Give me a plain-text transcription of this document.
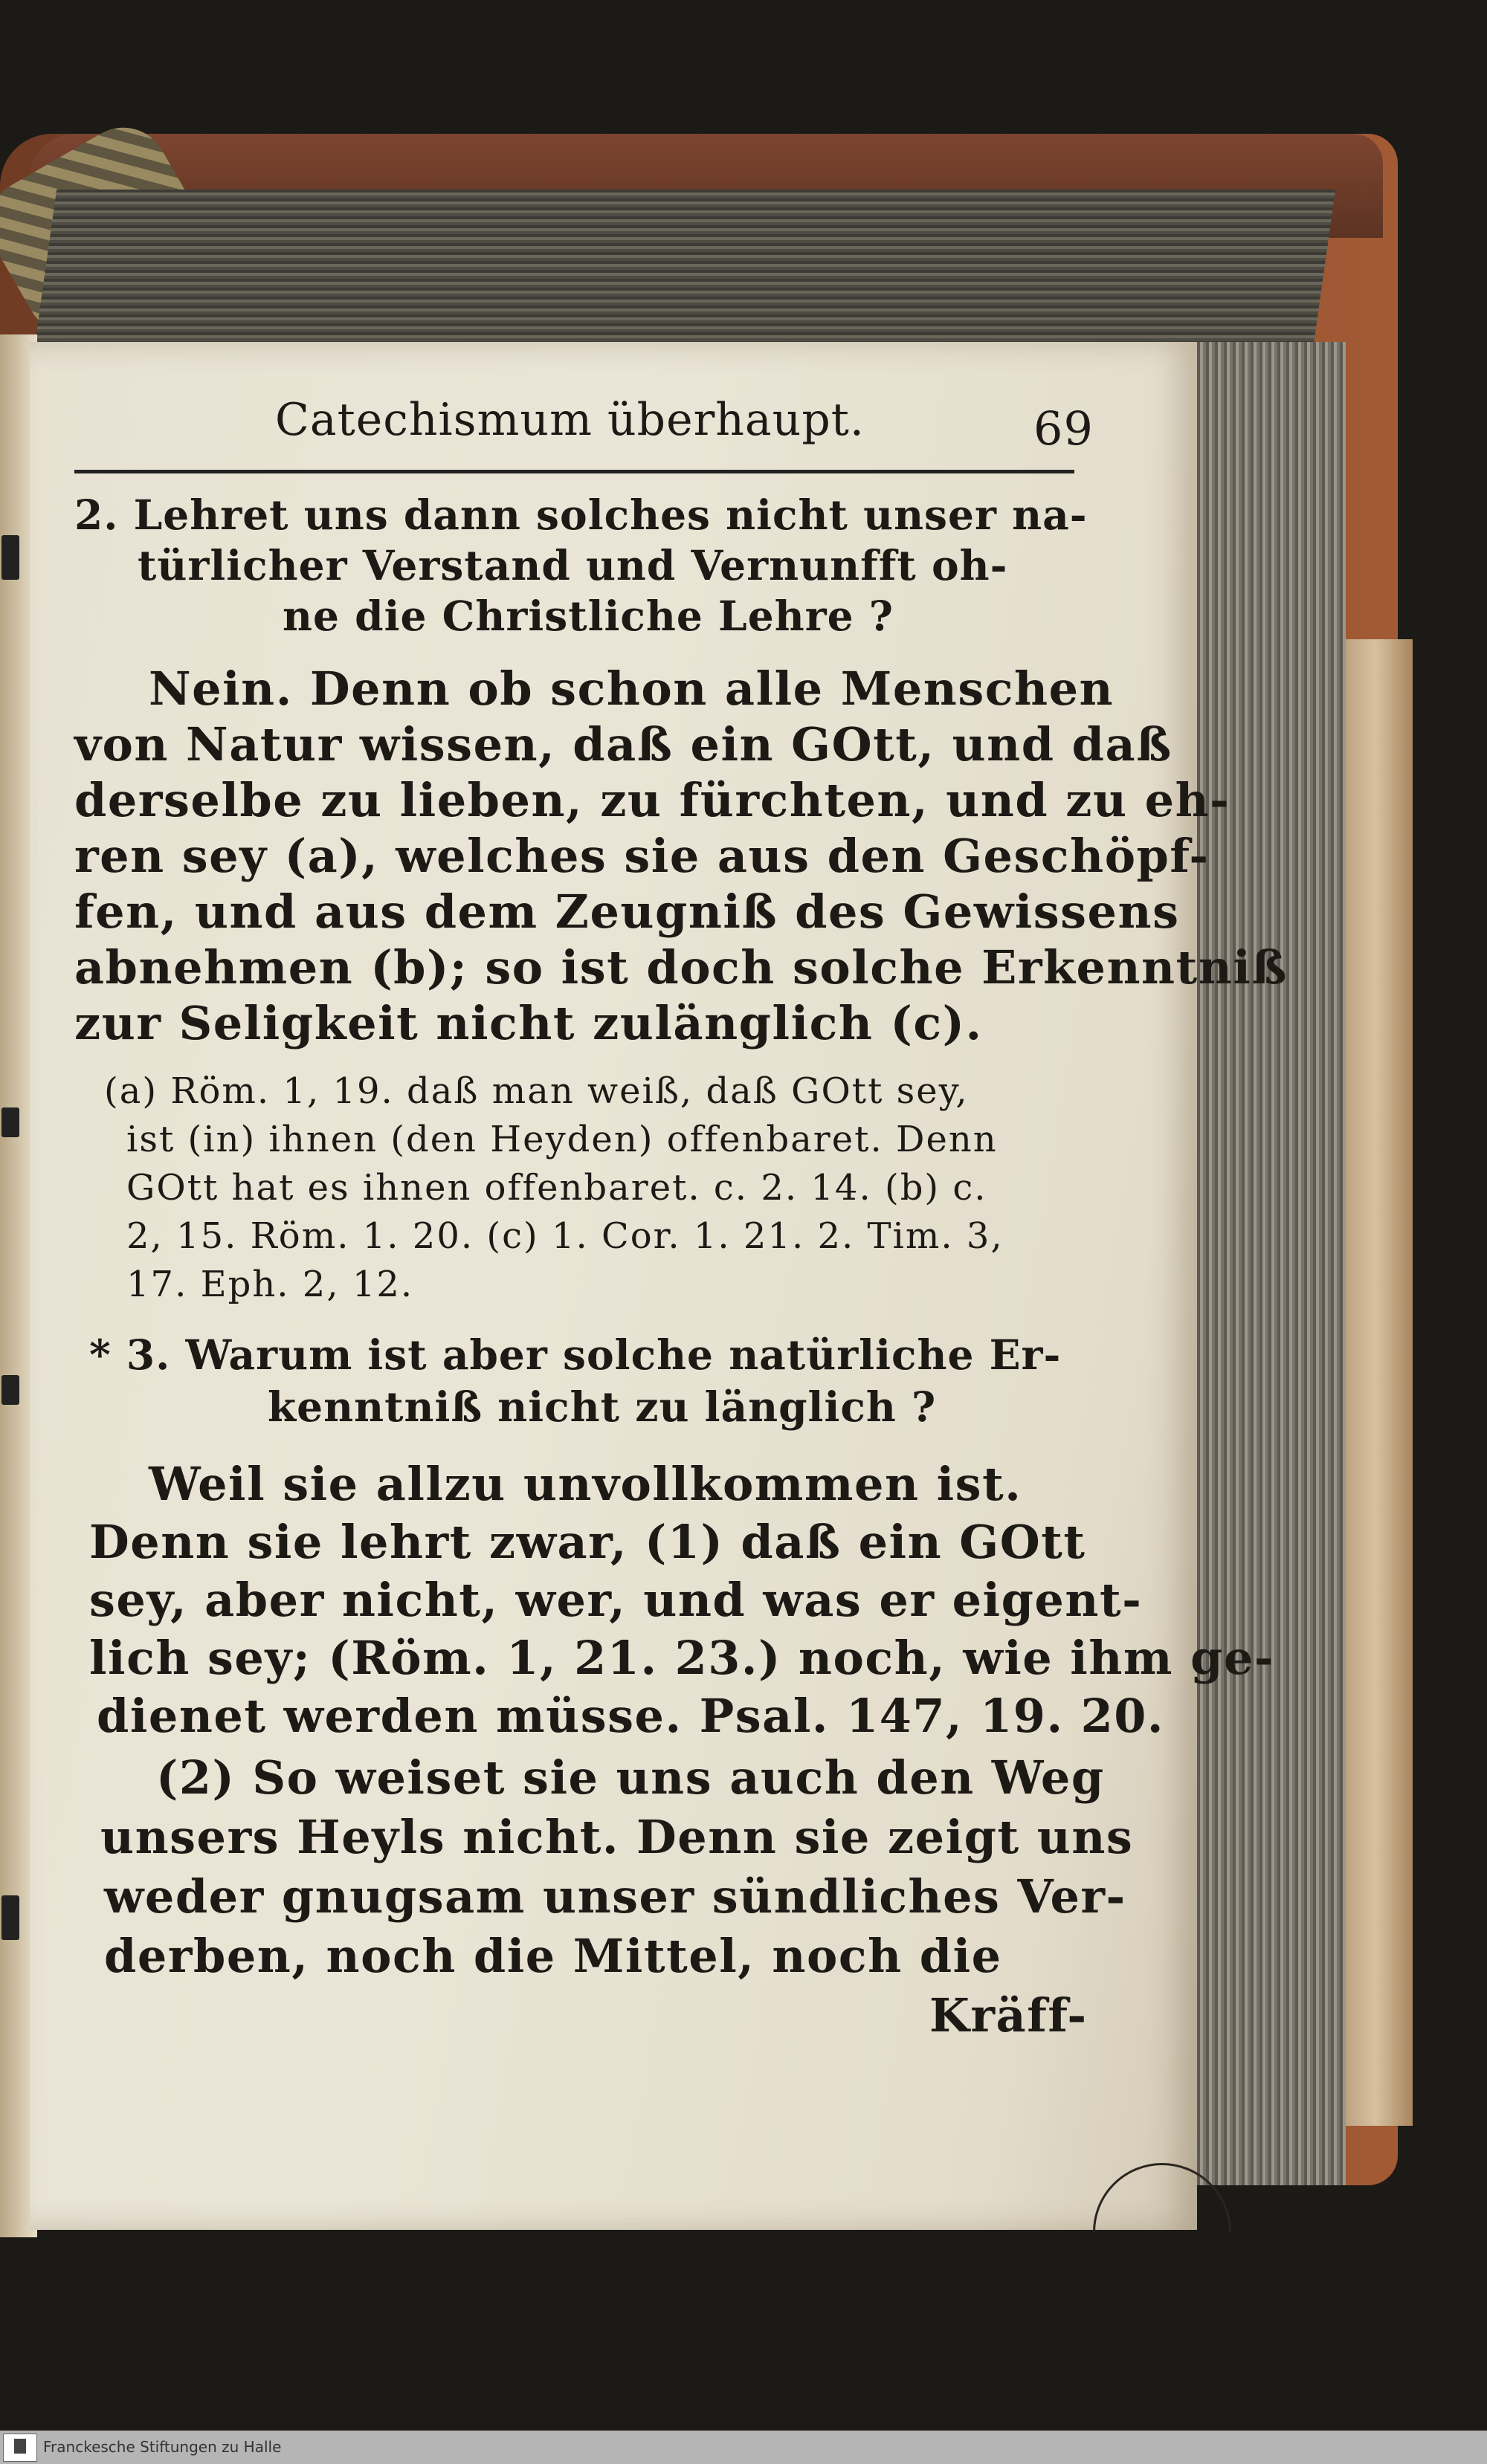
Catechismum überhaupt.	69
2. Lehret uns dann solches nicht unser na-
türlicher Verstand und Vernunfft oh-
ne die Christliche Lehre ?
Nein. Denn ob schon alle Menschen
von Natur wissen, daß ein GOtt, und daß
derselbe zu lieben, zu fürchten, und zu eh-
ren sey (a), welches sie aus den Geschöpf-
fen, und aus dem Zeugniß des Gewissens
abnehmen (b); so ist doch solche Erkenntniß
zur Seligkeit nicht zulänglich (c).
(a) Röm. 1, 19. daß man weiß, daß GOtt sey,
ist (in) ihnen (den Heyden) offenbaret. Denn
GOtt hat es ihnen offenbaret. c. 2. 14. (b) c.
2, 15. Röm. 1. 20. (c) 1. Cor. 1. 21. 2. Tim. 3,
17. Eph. 2, 12.
* 3. Warum ist aber solche natürliche Er-
kenntniß nicht zu länglich ?
Weil sie allzu unvollkommen ist.
Denn sie lehrt zwar, (1) daß ein GOtt
sey, aber nicht, wer, und was er eigent-
lich sey; (Röm. 1, 21. 23.) noch, wie ihm ge-
dienet werden müsse. Psal. 147, 19. 20.
(2) So weiset sie uns auch den Weg
unsers Heyls nicht. Denn sie zeigt uns
weder gnugsam unser sündliches Ver-
derben, noch die Mittel, noch die
Kräff-
Franckesche Stiftungen zu Halle
